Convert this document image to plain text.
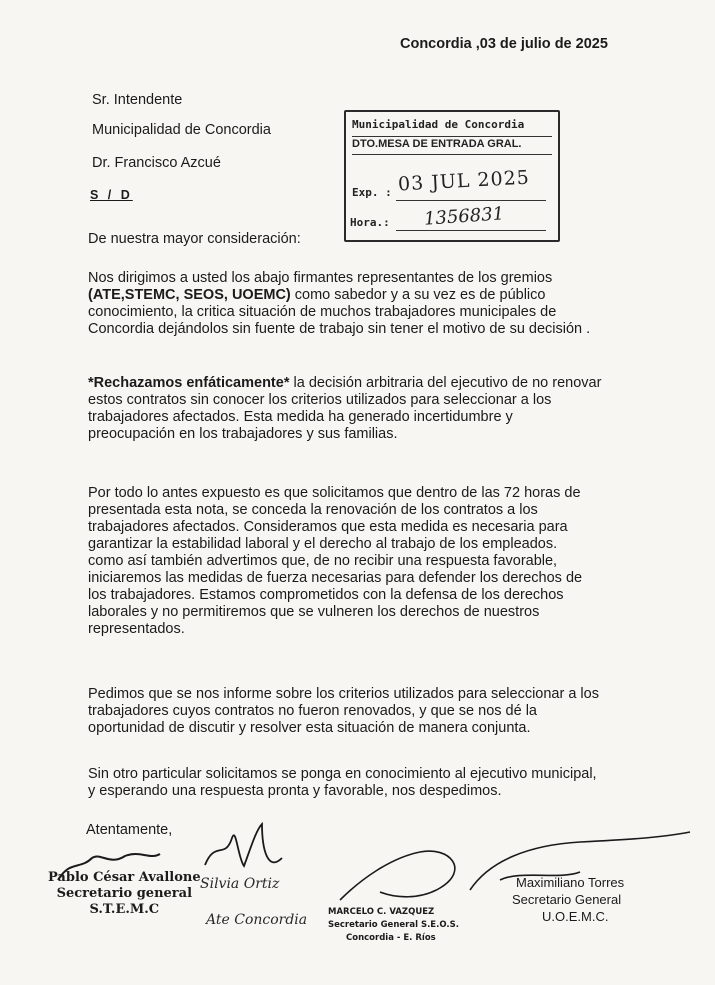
Concordia ,03 de julio de 2025
Sr. Intendente
Municipalidad de Concordia
Dr. Francisco Azcué
S / D
Municipalidad de Concordia
DTO.MESA DE ENTRADA GRAL.
Exp. : 03 JUL 2025
Hora.: 1356831
De nuestra mayor consideración:
Nos dirigimos a usted los abajo firmantes representantes de los gremios
(ATE,STEMC, SEOS, UOEMC) como sabedor y a su vez es de público
conocimiento, la critica situación de muchos trabajadores municipales de
Concordia dejándolos sin fuente de trabajo sin tener el motivo de su decisión .
*Rechazamos enfáticamente* la decisión arbitraria del ejecutivo de no renovar
estos contratos sin conocer los criterios utilizados para seleccionar a los
trabajadores afectados. Esta medida ha generado incertidumbre y
preocupación en los trabajadores y sus familias.
Por todo lo antes expuesto es que solicitamos que dentro de las 72 horas de
presentada esta nota, se conceda la renovación de los contratos a los
trabajadores afectados. Consideramos que esta medida es necesaria para
garantizar la estabilidad laboral y el derecho al trabajo de los empleados.
como así también advertimos que, de no recibir una respuesta favorable,
iniciaremos las medidas de fuerza necesarias para defender los derechos de
los trabajadores. Estamos comprometidos con la defensa de los derechos
laborales y no permitiremos que se vulneren los derechos de nuestros
representados.
Pedimos que se nos informe sobre los criterios utilizados para seleccionar a los
trabajadores cuyos contratos no fueron renovados, y que se nos dé la
oportunidad de discutir y resolver esta situación de manera conjunta.
Sin otro particular solicitamos se ponga en conocimiento al ejecutivo municipal,
y esperando una respuesta pronta y favorable, nos despedimos.
Atentamente,
Pablo César Avallone
Secretario general
S.T.E.M.C
Silvia Ortiz
Ate Concordia MARCELO C. VAZQUEZ
Secretario General S.E.O.S.
Concordia - E. Ríos
Maximiliano Torres
Secretario General
U.O.E.M.C.
